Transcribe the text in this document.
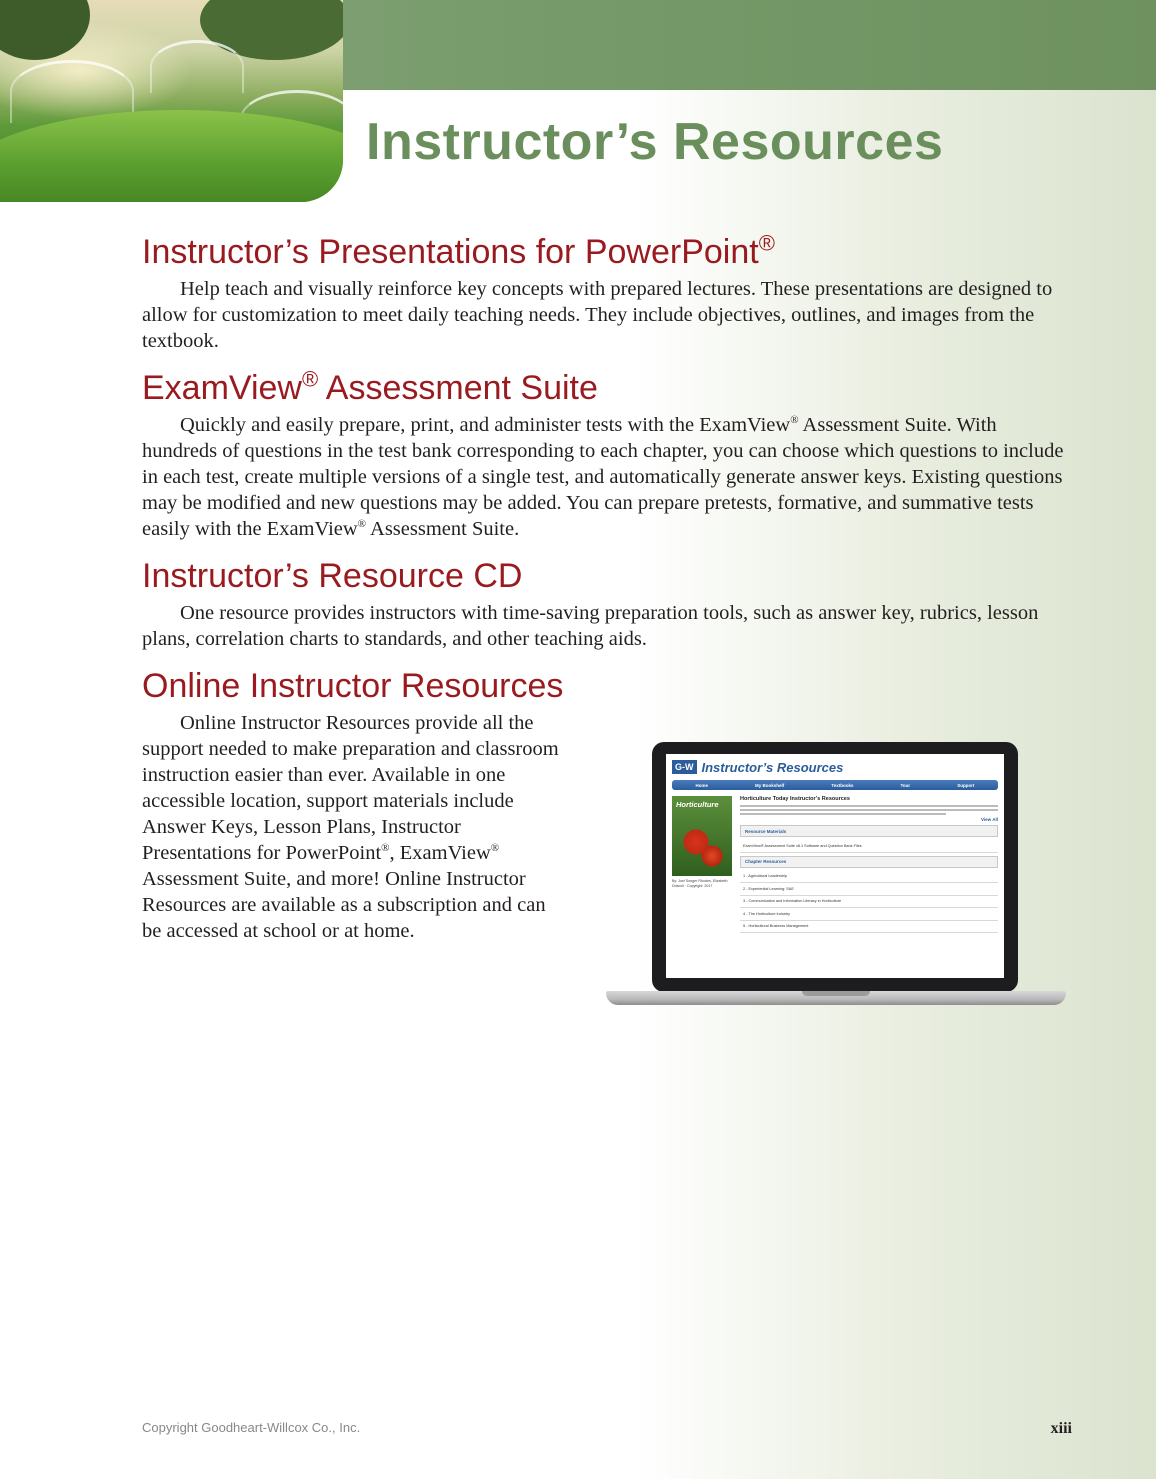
Instructor’s Resources
Instructor’s Presentations for PowerPoint®

Help teach and visually reinforce key concepts with prepared lectures. These presentations are designed to allow for customization to meet daily teaching needs. They include objectives, outlines, and images from the textbook.

ExamView® Assessment Suite

Quickly and easily prepare, print, and administer tests with the ExamView® Assessment Suite. With hundreds of questions in the test bank corresponding to each chapter, you can choose which questions to include in each test, create multiple versions of a single test, and automatically generate answer keys. Existing questions may be modified and new questions may be added. You can prepare pretests, formative, and summative tests easily with the ExamView® Assessment Suite.

Instructor’s Resource CD

One resource provides instructors with time-saving preparation tools, such as answer key, rubrics, lesson plans, correlation charts to standards, and other teaching aids.

Online Instructor Resources

Online Instructor Resources provide all the support needed to make preparation and classroom instruction easier than ever. Available in one accessible location, support materials include Answer Keys, Lesson Plans, Instructor Presentations for PowerPoint®, ExamView® Assessment Suite, and more! Online Instructor Resources are available as a subscription and can be accessed at school or at home.

G-W Instructor’s Resources
Home	My Bookshelf	Textbooks	Tour	Support
Horticulture
By: Joel Songer Rhodes, Elizabeth Driscoll · Copyright: 2017
Horticulture Today Instructor’s Resources
View All
Resource Materials
ExamView® Assessment Suite v8.1 Software and Question Bank Files
Chapter Resources
1 - Agricultural Leadership
2 - Experiential Learning: SAE
3 - Communication and Information Literacy in Horticulture
4 - The Horticulture Industry
5 - Horticultural Business Management

Copyright Goodheart-Willcox Co., Inc.	xiii
